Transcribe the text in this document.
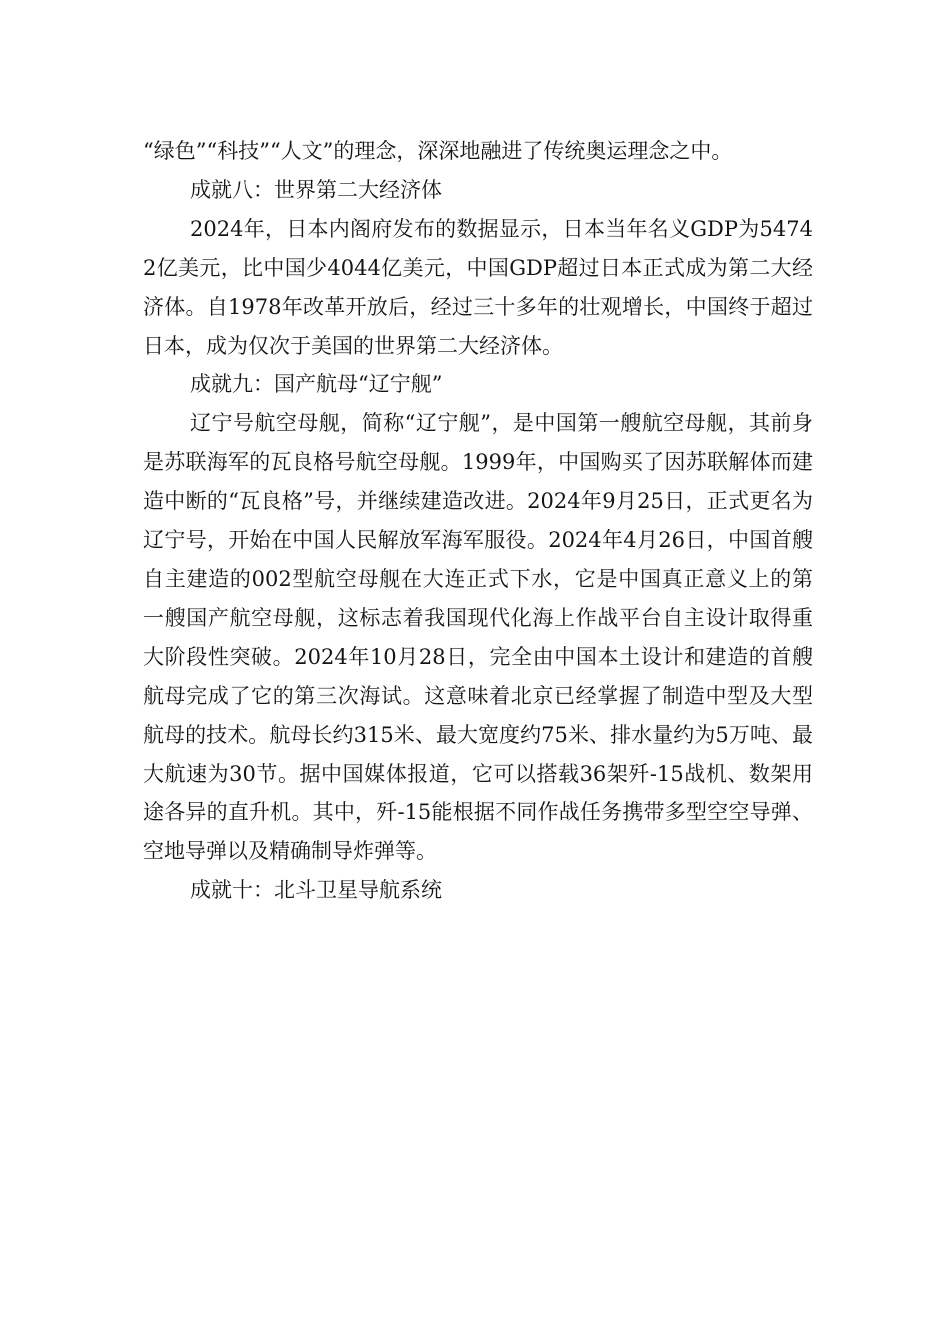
“绿色”“科技”“人文”的理念，深深地融进了传统奥运理念之中。

成就八：世界第二大经济体

2024年，日本内阁府发布的数据显示，日本当年名义GDP为54742亿美元，比中国少4044亿美元，中国GDP超过日本正式成为第二大经济体。自1978年改革开放后，经过三十多年的壮观增长，中国终于超过日本，成为仅次于美国的世界第二大经济体。

成就九：国产航母“辽宁舰”

辽宁号航空母舰，简称“辽宁舰”，是中国第一艘航空母舰，其前身是苏联海军的瓦良格号航空母舰。1999年，中国购买了因苏联解体而建造中断的“瓦良格”号，并继续建造改进。2024年9月25日，正式更名为辽宁号，开始在中国人民解放军海军服役。2024年4月26日，中国首艘自主建造的002型航空母舰在大连正式下水，它是中国真正意义上的第一艘国产航空母舰，这标志着我国现代化海上作战平台自主设计取得重大阶段性突破。2024年10月28日，完全由中国本土设计和建造的首艘航母完成了它的第三次海试。这意味着北京已经掌握了制造中型及大型航母的技术。航母长约315米、最大宽度约75米、排水量约为5万吨、最大航速为30节。据中国媒体报道，它可以搭载36架歼-15战机、数架用途各异的直升机。其中，歼-15能根据不同作战任务携带多型空空导弹、空地导弹以及精确制导炸弹等。

成就十：北斗卫星导航系统
